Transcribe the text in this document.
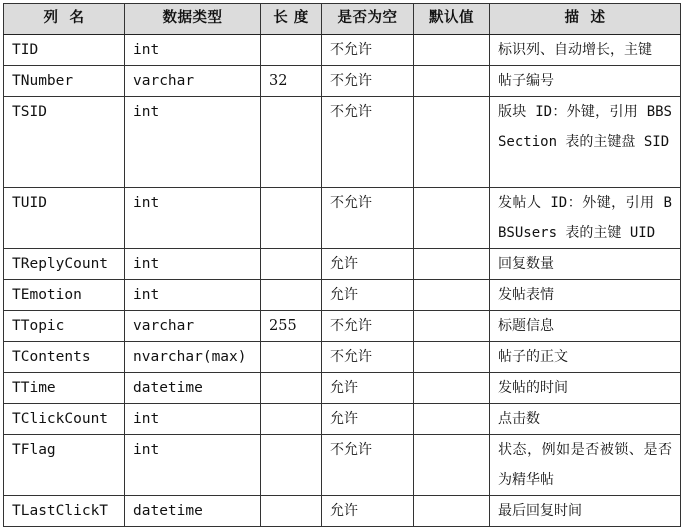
列  名	数据类型	长 度	是否为空	默认值	描  述
TID	int		不允许		标识列、自动增长，主键
TNumber	varchar	32	不允许		帖子编号
TSID	int		不允许		版块 ID：外键，引用 BBSSection 表的主键盘 SID
TUID	int		不允许		发帖人 ID：外键，引用 BBSUsers 表的主键 UID
TReplyCount	int		允许		回复数量
TEmotion	int		允许		发帖表情
TTopic	varchar	255	不允许		标题信息
TContents	nvarchar(max)		不允许		帖子的正文
TTime	datetime		允许		发帖的时间
TClickCount	int		允许		点击数
TFlag	int		不允许		状态，例如是否被锁、是否为精华帖
TLastClickT	datetime		允许		最后回复时间
